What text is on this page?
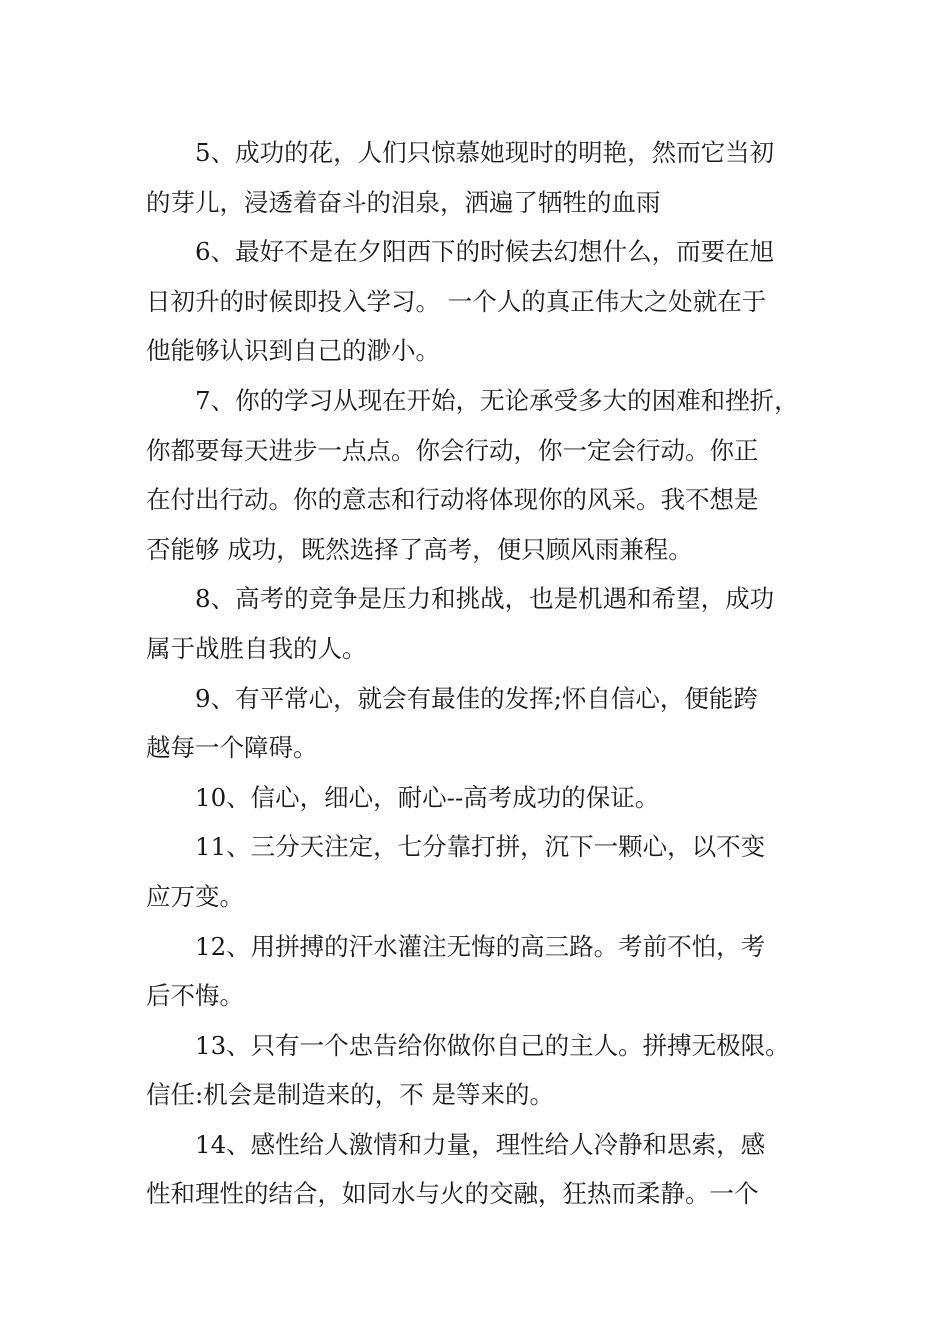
5、成功的花，人们只惊慕她现时的明艳，然而它当初
的芽儿，浸透着奋斗的泪泉，洒遍了牺牲的血雨

6、最好不是在夕阳西下的时候去幻想什么，而要在旭
日初升的时候即投入学习。 一个人的真正伟大之处就在于
他能够认识到自己的渺小。

7、你的学习从现在开始，无论承受多大的困难和挫折，
你都要每天进步一点点。你会行动，你一定会行动。你正
在付出行动。你的意志和行动将体现你的风采。我不想是
否能够 成功，既然选择了高考，便只顾风雨兼程。

8、高考的竞争是压力和挑战，也是机遇和希望，成功
属于战胜自我的人。

9、有平常心，就会有最佳的发挥;怀自信心，便能跨
越每一个障碍。

10、信心，细心，耐心--高考成功的保证。

11、三分天注定，七分靠打拼，沉下一颗心，以不变
应万变。

12、用拼搏的汗水灌注无悔的高三路。考前不怕，考
后不悔。

13、只有一个忠告给你做你自己的主人。拼搏无极限。
信任:机会是制造来的，不 是等来的。

14、感性给人激情和力量，理性给人冷静和思索，感
性和理性的结合，如同水与火的交融，狂热而柔静。一个
